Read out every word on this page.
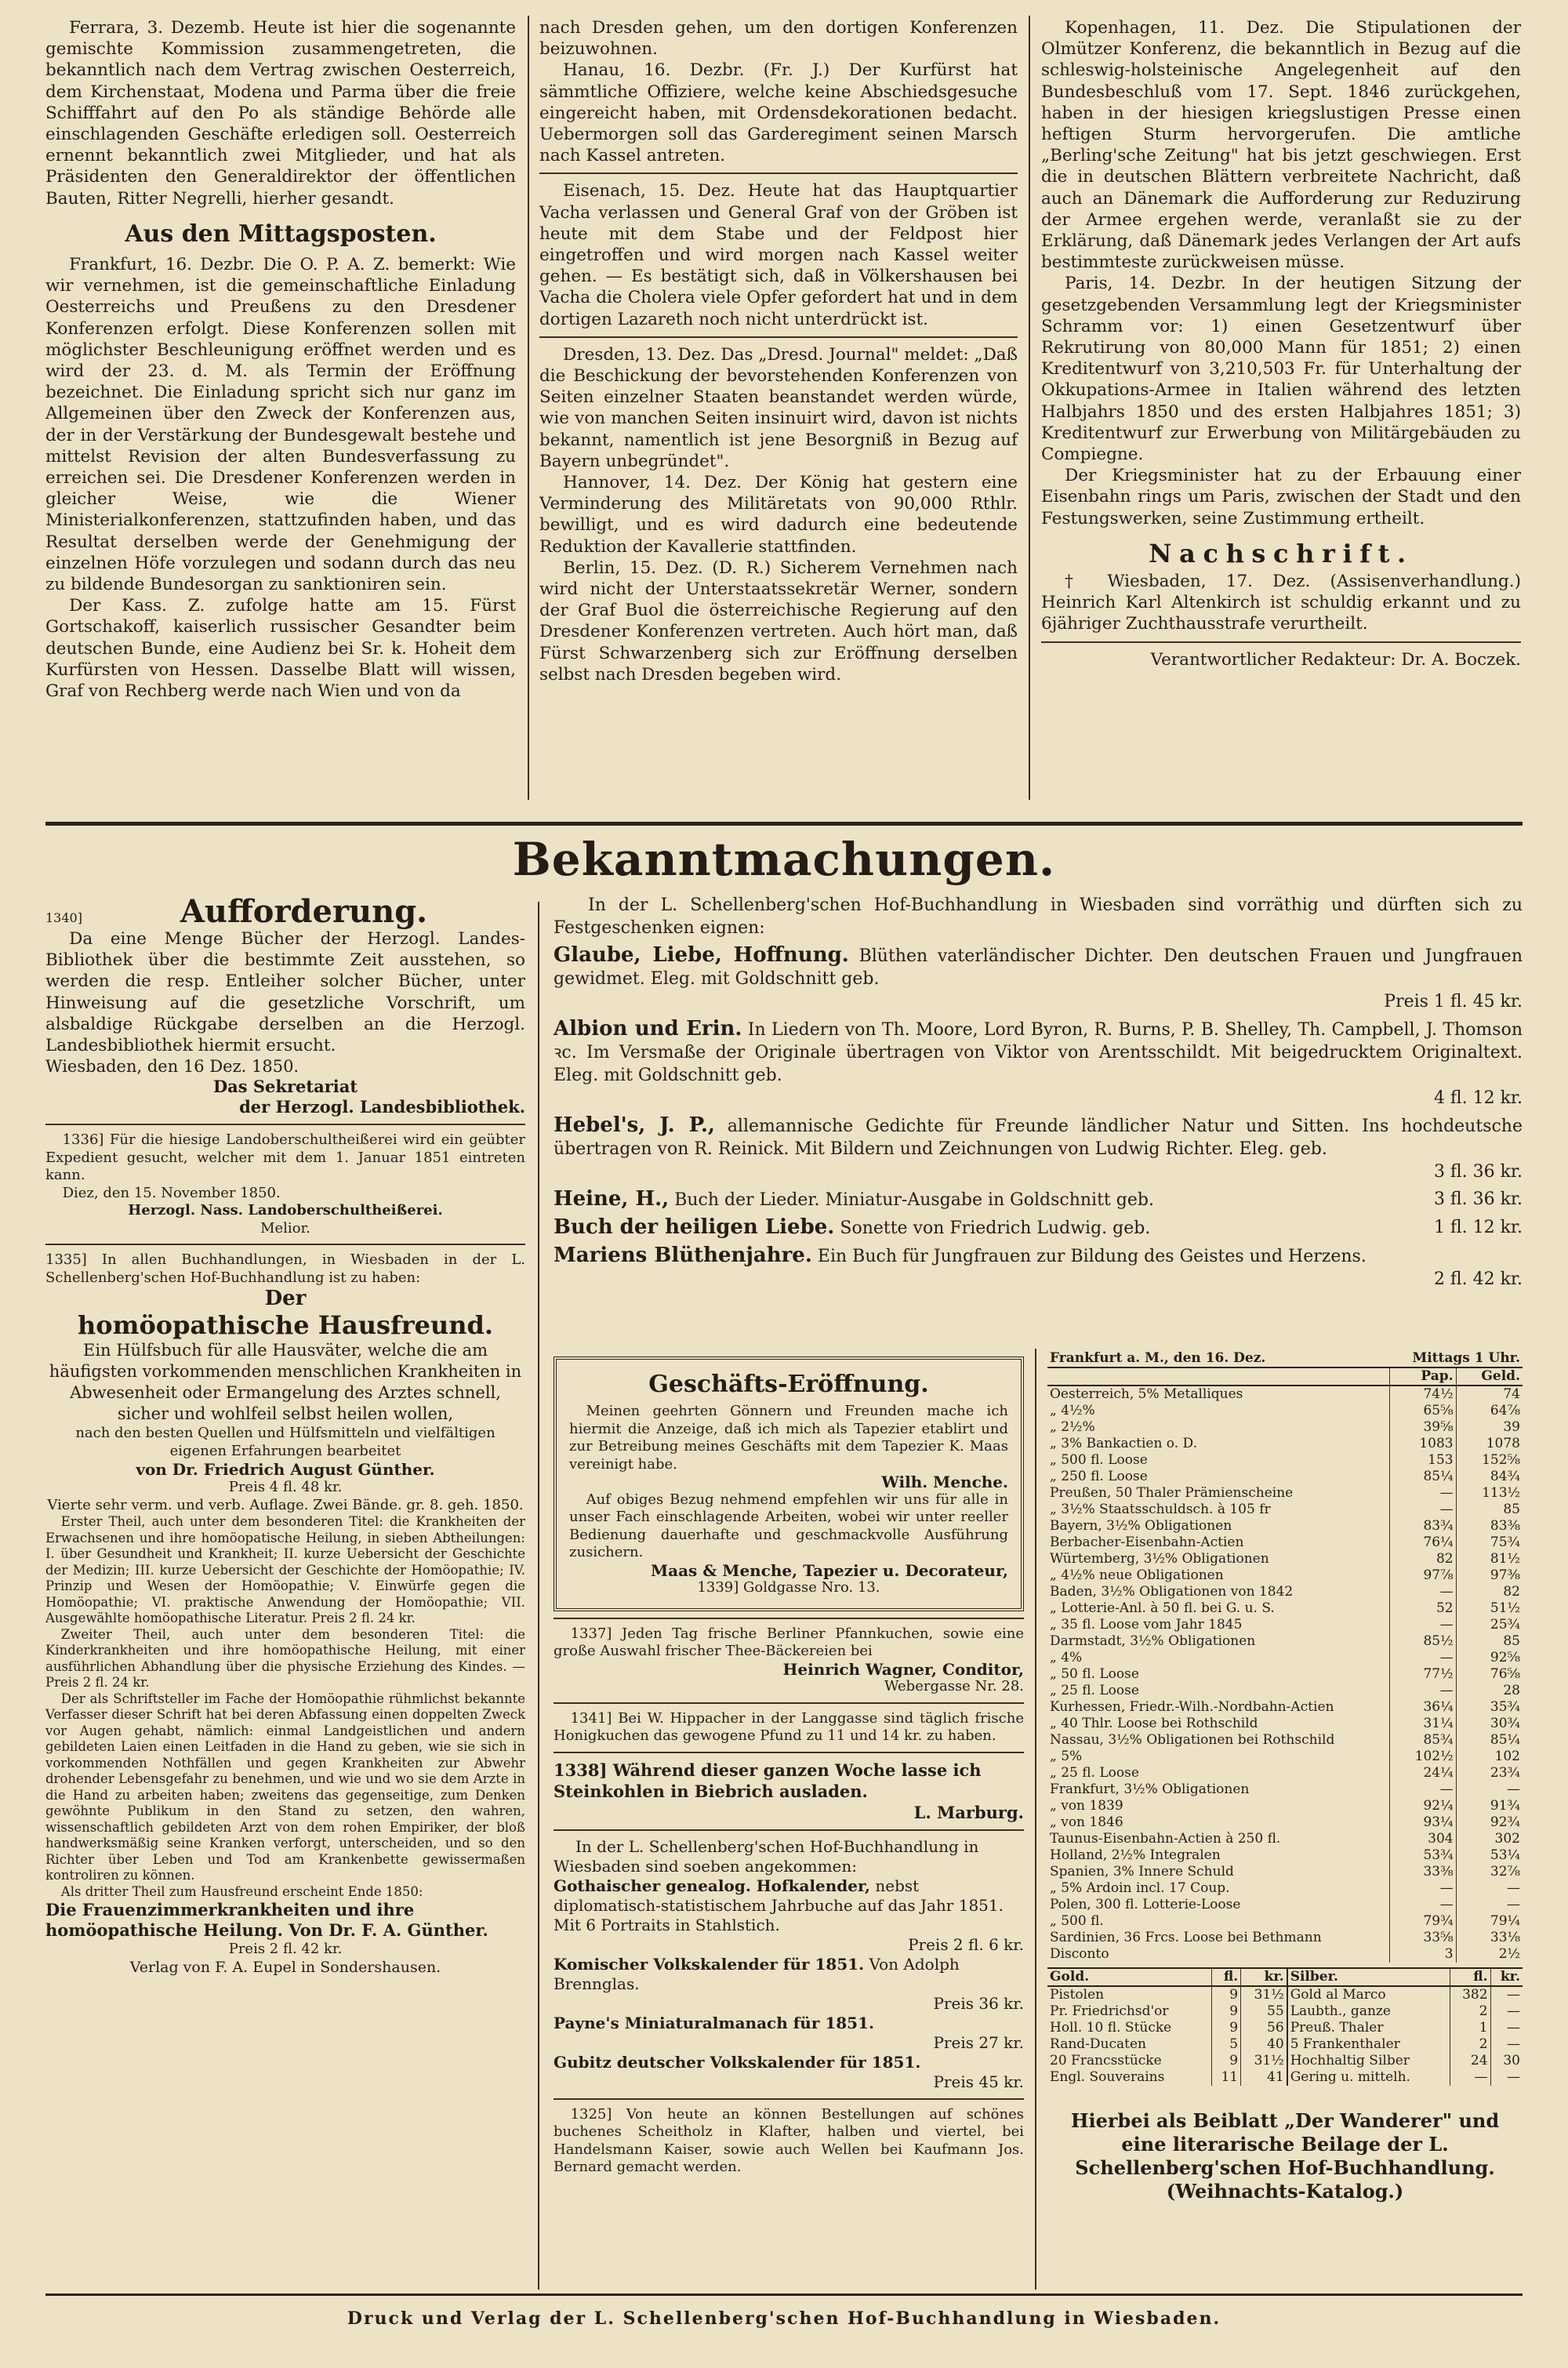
Ferrara, 3. Dezemb. Heute ist hier die sogenannte gemischte Kommission zusammengetreten, die bekanntlich nach dem Vertrag zwischen Oesterreich, dem Kirchenstaat, Modena und Parma über die freie Schifffahrt auf den Po als ständige Behörde alle einschlagenden Geschäfte erledigen soll. Oesterreich ernennt bekanntlich zwei Mitglieder, und hat als Präsidenten den Generaldirektor der öffentlichen Bauten, Ritter Negrelli, hierher gesandt.

Aus den Mittagsposten.

Frankfurt, 16. Dezbr. Die O. P. A. Z. bemerkt: Wie wir vernehmen, ist die gemeinschaftliche Einladung Oesterreichs und Preußens zu den Dresdener Konferenzen erfolgt. Diese Konferenzen sollen mit möglichster Beschleunigung eröffnet werden und es wird der 23. d. M. als Termin der Eröffnung bezeichnet. Die Einladung spricht sich nur ganz im Allgemeinen über den Zweck der Konferenzen aus, der in der Verstärkung der Bundesgewalt bestehe und mittelst Revision der alten Bundesverfassung zu erreichen sei. Die Dresdener Konferenzen werden in gleicher Weise, wie die Wiener Ministerialkonferenzen, stattzufinden haben, und das Resultat derselben werde der Genehmigung der einzelnen Höfe vorzulegen und sodann durch das neu zu bildende Bundesorgan zu sanktioniren sein.

Der Kass. Z. zufolge hatte am 15. Fürst Gortschakoff, kaiserlich russischer Gesandter beim deutschen Bunde, eine Audienz bei Sr. k. Hoheit dem Kurfürsten von Hessen. Dasselbe Blatt will wissen, Graf von Rechberg werde nach Wien und von da

nach Dresden gehen, um den dortigen Konferenzen beizuwohnen.

Hanau, 16. Dezbr. (Fr. J.) Der Kurfürst hat sämmtliche Offiziere, welche keine Abschiedsgesuche eingereicht haben, mit Ordensdekorationen bedacht. Uebermorgen soll das Garderegiment seinen Marsch nach Kassel antreten.

Eisenach, 15. Dez. Heute hat das Hauptquartier Vacha verlassen und General Graf von der Gröben ist heute mit dem Stabe und der Feldpost hier eingetroffen und wird morgen nach Kassel weiter gehen. — Es bestätigt sich, daß in Völkershausen bei Vacha die Cholera viele Opfer gefordert hat und in dem dortigen Lazareth noch nicht unterdrückt ist.

Dresden, 13. Dez. Das „Dresd. Journal" meldet: „Daß die Beschickung der bevorstehenden Konferenzen von Seiten einzelner Staaten beanstandet werden würde, wie von manchen Seiten insinuirt wird, davon ist nichts bekannt, namentlich ist jene Besorgniß in Bezug auf Bayern unbegründet".

Hannover, 14. Dez. Der König hat gestern eine Verminderung des Militäretats von 90,000 Rthlr. bewilligt, und es wird dadurch eine bedeutende Reduktion der Kavallerie stattfinden.

Berlin, 15. Dez. (D. R.) Sicherem Vernehmen nach wird nicht der Unterstaatssekretär Werner, sondern der Graf Buol die österreichische Regierung auf den Dresdener Konferenzen vertreten. Auch hört man, daß Fürst Schwarzenberg sich zur Eröffnung derselben selbst nach Dresden begeben wird.

Kopenhagen, 11. Dez. Die Stipulationen der Olmützer Konferenz, die bekanntlich in Bezug auf die schleswig-holsteinische Angelegenheit auf den Bundesbeschluß vom 17. Sept. 1846 zurückgehen, haben in der hiesigen kriegslustigen Presse einen heftigen Sturm hervorgerufen. Die amtliche „Berling'sche Zeitung" hat bis jetzt geschwiegen. Erst die in deutschen Blättern verbreitete Nachricht, daß auch an Dänemark die Aufforderung zur Reduzirung der Armee ergehen werde, veranlaßt sie zu der Erklärung, daß Dänemark jedes Verlangen der Art aufs bestimmteste zurückweisen müsse.

Paris, 14. Dezbr. In der heutigen Sitzung der gesetzgebenden Versammlung legt der Kriegsminister Schramm vor: 1) einen Gesetzentwurf über Rekrutirung von 80,000 Mann für 1851; 2) einen Kreditentwurf von 3,210,503 Fr. für Unterhaltung der Okkupations-Armee in Italien während des letzten Halbjahrs 1850 und des ersten Halbjahres 1851; 3) Kreditentwurf zur Erwerbung von Militärgebäuden zu Compiegne.

Der Kriegsminister hat zu der Erbauung einer Eisenbahn rings um Paris, zwischen der Stadt und den Festungswerken, seine Zustimmung ertheilt.

Nachschrift.

† Wiesbaden, 17. Dez. (Assisenverhandlung.) Heinrich Karl Altenkirch ist schuldig erkannt und zu 6jähriger Zuchthausstrafe verurtheilt.

Verantwortlicher Redakteur: Dr. A. Boczek.

Bekanntmachungen.
1340]	Aufforderung.

Da eine Menge Bücher der Herzogl. Landes-Bibliothek über die bestimmte Zeit ausstehen, so werden die resp. Entleiher solcher Bücher, unter Hinweisung auf die gesetzliche Vorschrift, um alsbaldige Rückgabe derselben an die Herzogl. Landesbibliothek hiermit ersucht.

Wiesbaden, den 16 Dez. 1850.

Das Sekretariat

der Herzogl. Landesbibliothek.

1336] Für die hiesige Landoberschultheißerei wird ein geübter Expedient gesucht, welcher mit dem 1. Januar 1851 eintreten kann.

Diez, den 15. November 1850.

Herzogl. Nass. Landoberschultheißerei.

Melior.

1335] In allen Buchhandlungen, in Wiesbaden in der L. Schellenberg'schen Hof-Buchhandlung ist zu haben:

Der

homöopathische Hausfreund.

Ein Hülfsbuch für alle Hausväter, welche die am häufigsten vorkommenden menschlichen Krankheiten in Abwesenheit oder Ermangelung des Arztes schnell, sicher und wohlfeil selbst heilen wollen,

nach den besten Quellen und Hülfsmitteln und vielfältigen eigenen Erfahrungen bearbeitet

von Dr. Friedrich August Günther.

Preis 4 fl. 48 kr.

Vierte sehr verm. und verb. Auflage. Zwei Bände. gr. 8. geh. 1850.

Erster Theil, auch unter dem besonderen Titel: die Krankheiten der Erwachsenen und ihre homöopatische Heilung, in sieben Abtheilungen: I. über Gesundheit und Krankheit; II. kurze Uebersicht der Geschichte der Medizin; III. kurze Uebersicht der Geschichte der Homöopathie; IV. Prinzip und Wesen der Homöopathie; V. Einwürfe gegen die Homöopathie; VI. praktische Anwendung der Homöopathie; VII. Ausgewählte homöopathische Literatur. Preis 2 fl. 24 kr.

Zweiter Theil, auch unter dem besonderen Titel: die Kinderkrankheiten und ihre homöopathische Heilung, mit einer ausführlichen Abhandlung über die physische Erziehung des Kindes. — Preis 2 fl. 24 kr.

Der als Schriftsteller im Fache der Homöopathie rühmlichst bekannte Verfasser dieser Schrift hat bei deren Abfassung einen doppelten Zweck vor Augen gehabt, nämlich: einmal Landgeistlichen und andern gebildeten Laien einen Leitfaden in die Hand zu geben, wie sie sich in vorkommenden Nothfällen und gegen Krankheiten zur Abwehr drohender Lebensgefahr zu benehmen, und wie und wo sie dem Arzte in die Hand zu arbeiten haben; zweitens das gegenseitige, zum Denken gewöhnte Publikum in den Stand zu setzen, den wahren, wissenschaftlich gebildeten Arzt von dem rohen Empiriker, der bloß handwerksmäßig seine Kranken verforgt, unterscheiden, und so den Richter über Leben und Tod am Krankenbette gewissermaßen kontroliren zu können.

Als dritter Theil zum Hausfreund erscheint Ende 1850:

Die Frauenzimmerkrankheiten und ihre homöopathische Heilung. Von Dr. F. A. Günther.

Preis 2 fl. 42 kr.

Verlag von F. A. Eupel in Sondershausen.

In der L. Schellenberg'schen Hof-Buchhandlung in Wiesbaden sind vorräthig und dürften sich zu Festgeschenken eignen:

Glaube, Liebe, Hoffnung. Blüthen vaterländischer Dichter. Den deutschen Frauen und Jungfrauen gewidmet. Eleg. mit Goldschnitt geb.
Preis 1 fl. 45 kr.
Albion und Erin. In Liedern von Th. Moore, Lord Byron, R. Burns, P. B. Shelley, Th. Campbell, J. Thomson ꝛc. Im Versmaße der Originale übertragen von Viktor von Arentsschildt. Mit beigedrucktem Originaltext. Eleg. mit Goldschnitt geb.
4 fl. 12 kr.
Hebel's, J. P., allemannische Gedichte für Freunde ländlicher Natur und Sitten. Ins hochdeutsche übertragen von R. Reinick. Mit Bildern und Zeichnungen von Ludwig Richter. Eleg. geb.
3 fl. 36 kr.
Heine, H., Buch der Lieder. Miniatur-Ausgabe in Goldschnitt geb.	3 fl. 36 kr.
Buch der heiligen Liebe. Sonette von Friedrich Ludwig. geb.	1 fl. 12 kr.
Mariens Blüthenjahre. Ein Buch für Jungfrauen zur Bildung des Geistes und Herzens.
2 fl. 42 kr.

Geschäfts-Eröffnung.

Meinen geehrten Gönnern und Freunden mache ich hiermit die Anzeige, daß ich mich als Tapezier etablirt und zur Betreibung meines Geschäfts mit dem Tapezier K. Maas vereinigt habe.

Wilh. Menche.

Auf obiges Bezug nehmend empfehlen wir uns für alle in unser Fach einschlagende Arbeiten, wobei wir unter reeller Bedienung dauerhafte und geschmackvolle Ausführung zusichern.

Maas & Menche, Tapezier u. Decorateur,

1339] Goldgasse Nro. 13.

1337] Jeden Tag frische Berliner Pfannkuchen, sowie eine große Auswahl frischer Thee-Bäckereien bei

Heinrich Wagner, Conditor,

Webergasse Nr. 28.

1341] Bei W. Hippacher in der Langgasse sind täglich frische Honigkuchen das gewogene Pfund zu 11 und 14 kr. zu haben.

1338] Während dieser ganzen Woche lasse ich Steinkohlen in Biebrich ausladen.

L. Marburg.

In der L. Schellenberg'schen Hof-Buchhandlung in Wiesbaden sind soeben angekommen:

Gothaischer genealog. Hofkalender, nebst diplomatisch-statistischem Jahrbuche auf das Jahr 1851. Mit 6 Portraits in Stahlstich.
Preis 2 fl. 6 kr.
Komischer Volkskalender für 1851. Von Adolph Brennglas.
Preis 36 kr.
Payne's Miniaturalmanach für 1851.
Preis 27 kr.
Gubitz deutscher Volkskalender für 1851.
Preis 45 kr.

1325] Von heute an können Bestellungen auf schönes buchenes Scheitholz in Klafter, halben und viertel, bei Handelsmann Kaiser, sowie auch Wellen bei Kaufmann Jos. Bernard gemacht werden.

Frankfurt a. M., den 16. Dez.	Mittags 1 Uhr.	
	Pap.	Geld.
Oesterreich, 5% Metalliques	74½	74
„ 4½%	65⅝	64⅞
„ 2½%	39⅝	39
„ 3% Bankactien o. D.	1083	1078
„ 500 fl. Loose	153	152⅝
„ 250 fl. Loose	85¼	84¾
Preußen, 50 Thaler Prämienscheine	—	113½
„ 3½% Staatsschuldsch. à 105 fr	—	85
Bayern, 3½% Obligationen	83¾	83⅜
Berbacher-Eisenbahn-Actien	76¼	75¾
Würtemberg, 3½% Obligationen	82	81½
„ 4½% neue Obligationen	97⅞	97⅜
Baden, 3½% Obligationen von 1842	—	82
„ Lotterie-Anl. à 50 fl. bei G. u. S.	52	51½
„ 35 fl. Loose vom Jahr 1845	—	25¾
Darmstadt, 3½% Obligationen	85½	85
„ 4%	—	92⅝
„ 50 fl. Loose	77½	76⅝
„ 25 fl. Loose	—	28
Kurhessen, Friedr.-Wilh.-Nordbahn-Actien	36¼	35¾
„ 40 Thlr. Loose bei Rothschild	31¼	30¾
Nassau, 3½% Obligationen bei Rothschild	85¾	85¼
„ 5%	102½	102
„ 25 fl. Loose	24¼	23¾
Frankfurt, 3½% Obligationen	—	—
„ von 1839	92¼	91¾
„ von 1846	93¼	92¾
Taunus-Eisenbahn-Actien à 250 fl.	304	302
Holland, 2½% Integralen	53¾	53¼
Spanien, 3% Innere Schuld	33⅜	32⅞
„ 5% Ardoin incl. 17 Coup.	—	—
Polen, 300 fl. Lotterie-Loose	—	—
„ 500 fl.	79¾	79¼
Sardinien, 36 Frcs. Loose bei Bethmann	33⅝	33⅛
Disconto	3	2½
Gold.	fl.	kr.	Silber.	fl.	kr.
Pistolen	9	31½	Gold al Marco	382	—
Pr. Friedrichsd'or	9	55	Laubth., ganze	2	—
Holl. 10 fl. Stücke	9	56	Preuß. Thaler	1	—
Rand-Ducaten	5	40	5 Frankenthaler	2	—
20 Francsstücke	9	31½	Hochhaltig Silber	24	30
Engl. Souverains	11	41	Gering u. mittelh.	—	—

Hierbei als Beiblatt „Der Wanderer" und eine literarische Beilage der L. Schellenberg'schen Hof-Buchhandlung. (Weihnachts-Katalog.)

Druck und Verlag der L. Schellenberg'schen Hof-Buchhandlung in Wiesbaden.
